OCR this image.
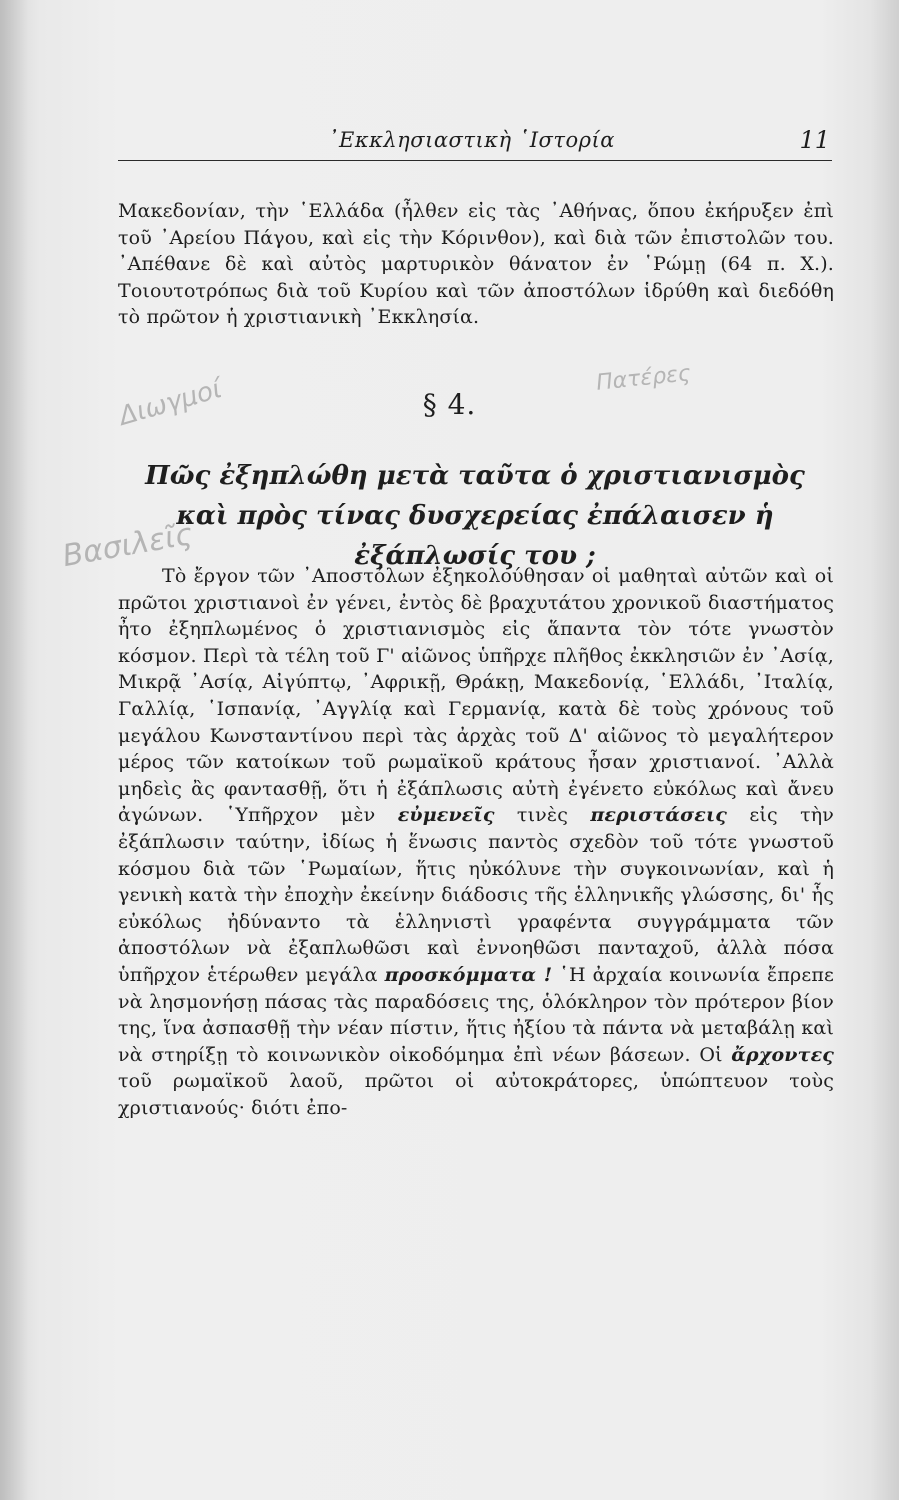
᾿Εκκλησιαστικὴ ῾Ιστορία	11

Μακεδονίαν, τὴν ῾Ελλάδα (ἦλθεν εἰς τὰς ᾿Αθήνας, ὅπου ἐκήρυξεν ἐπὶ τοῦ ᾿Αρείου Πάγου, καὶ εἰς τὴν Κόρινθον), καὶ διὰ τῶν ἐπιστολῶν του. ᾿Απέθανε δὲ καὶ αὐτὸς μαρτυρικὸν θάνατον ἐν ῾Ρώμῃ (64 π. Χ.). Τοιουτοτρόπως διὰ τοῦ Κυρίου καὶ τῶν ἀποστόλων ἱδρύθη καὶ διεδόθη τὸ πρῶτον ἡ χριστιανικὴ ᾿Εκκλησία.

Διωγμοί	Πατέρες
Βασιλεῖς
§ 4.
Πῶς ἐξηπλώθη μετὰ ταῦτα ὁ χριστιανισμὸς καὶ πρὸς τίνας δυσχερείας ἐπάλαισεν ἡ ἐξάπλωσίς του ;

Τὸ ἔργον τῶν ᾿Αποστόλων ἐξηκολούθησαν οἱ μαθηταὶ αὐτῶν καὶ οἱ πρῶτοι χριστιανοὶ ἐν γένει, ἐντὸς δὲ βραχυτάτου χρονικοῦ διαστήματος ἦτο ἐξηπλωμένος ὁ χριστιανισμὸς εἰς ἅπαντα τὸν τότε γνωστὸν κόσμον. Περὶ τὰ τέλη τοῦ Γ' αἰῶνος ὑπῆρχε πλῆθος ἐκκλησιῶν ἐν ᾿Ασίᾳ, Μικρᾷ ᾿Ασίᾳ, Αἰγύπτῳ, ᾿Αφρικῇ, Θράκῃ, Μακεδονίᾳ, ῾Ελλάδι, ᾿Ιταλίᾳ, Γαλλίᾳ, ῾Ισπανίᾳ, ᾿Αγγλίᾳ καὶ Γερμανίᾳ, κατὰ δὲ τοὺς χρόνους τοῦ μεγάλου Κωνσταντίνου περὶ τὰς ἀρχὰς τοῦ Δ' αἰῶνος τὸ μεγαλήτερον μέρος τῶν κατοίκων τοῦ ρωμαϊκοῦ κράτους ἦσαν χριστιανοί. ᾿Αλλὰ μηδεὶς ἂς φαντασθῇ, ὅτι ἡ ἐξάπλωσις αὐτὴ ἐγένετο εὐκόλως καὶ ἄνευ ἀγώνων. ῾Υπῆρχον μὲν εὐμενεῖς τινὲς περιστάσεις εἰς τὴν ἐξάπλωσιν ταύτην, ἰδίως ἡ ἕνωσις παντὸς σχεδὸν τοῦ τότε γνωστοῦ κόσμου διὰ τῶν ῾Ρωμαίων, ἥτις ηὐκόλυνε τὴν συγκοινωνίαν, καὶ ἡ γενικὴ κατὰ τὴν ἐποχὴν ἐκείνην διάδοσις τῆς ἑλληνικῆς γλώσσης, δι' ἧς εὐκόλως ἠδύναντο τὰ ἑλληνιστὶ γραφέντα συγγράμματα τῶν ἀποστόλων νὰ ἐξαπλωθῶσι καὶ ἐννοηθῶσι πανταχοῦ, ἀλλὰ πόσα ὑπῆρχον ἑτέρωθεν μεγάλα προσκόμματα ! ῾Η ἀρχαία κοινωνία ἔπρεπε νὰ λησμονήσῃ πάσας τὰς παραδόσεις της, ὁλόκληρον τὸν πρότερον βίον της, ἵνα ἀσπασθῇ τὴν νέαν πίστιν, ἥτις ἠξίου τὰ πάντα νὰ μεταβάλῃ καὶ νὰ στηρίξῃ τὸ κοινωνικὸν οἰκοδόμημα ἐπὶ νέων βάσεων. Οἱ ἄρχοντες τοῦ ρωμαϊκοῦ λαοῦ, πρῶτοι οἱ αὐτοκράτορες, ὑπώπτευον τοὺς χριστιανούς· διότι ἐπο-
